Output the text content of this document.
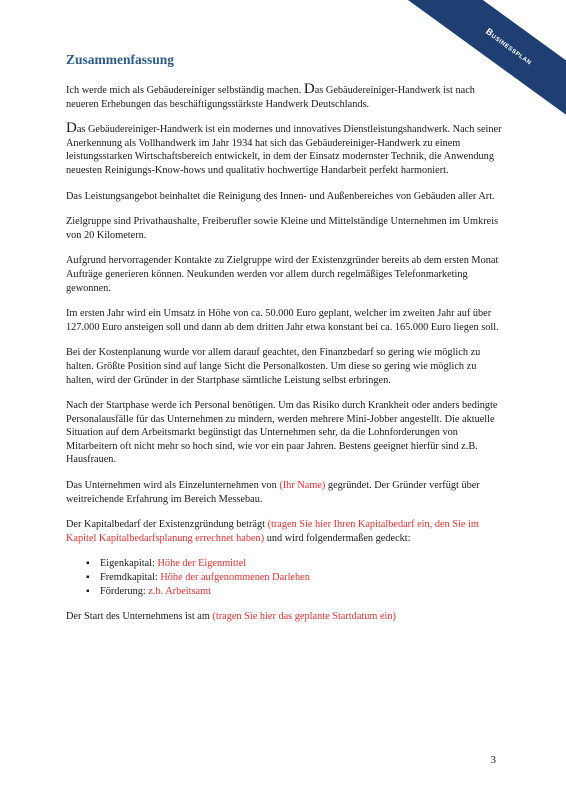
Businessplan
Zusammenfassung

Ich werde mich als Gebäudereiniger selbständig machen. Das Gebäudereiniger-Handwerk ist nach neueren Erhebungen das beschäftigungsstärkste Handwerk Deutschlands.

Das Gebäudereiniger-Handwerk ist ein modernes und innovatives Dienstleistungshandwerk. Nach seiner Anerkennung als Vollhandwerk im Jahr 1934 hat sich das Gebäudereiniger-Handwerk zu einem leistungsstarken Wirtschaftsbereich entwickelt, in dem der Einsatz modernster Technik, die Anwendung neuesten Reinigungs-Know-hows und qualitativ hochwertige Handarbeit perfekt harmoniert.

Das Leistungsangebot beinhaltet die Reinigung des Innen- und Außenbereiches von Gebäuden aller Art.

Zielgruppe sind Privathaushalte, Freiberufler sowie Kleine und Mittelständige Unternehmen im Umkreis von 20 Kilometern.

Aufgrund hervorragender Kontakte zu Zielgruppe wird der Existenzgründer bereits ab dem ersten Monat Aufträge generieren können. Neukunden werden vor allem durch regelmäßiges Telefonmarketing gewonnen.

Im ersten Jahr wird ein Umsatz in Höhe von ca. 50.000 Euro geplant, welcher im zweiten Jahr auf über 127.000 Euro ansteigen soll und dann ab dem dritten Jahr etwa konstant bei ca. 165.000 Euro liegen soll.

Bei der Kostenplanung wurde vor allem darauf geachtet, den Finanzbedarf so gering wie möglich zu halten. Größte Position sind auf lange Sicht die Personalkosten. Um diese so gering wie möglich zu halten, wird der Gründer in der Startphase sämtliche Leistung selbst erbringen.

Nach der Startphase werde ich Personal benötigen. Um das Risiko durch Krankheit oder anders bedingte Personalausfälle für das Unternehmen zu mindern, werden mehrere Mini-Jobber angestellt. Die aktuelle Situation auf dem Arbeitsmarkt begünstigt das Unternehmen sehr, da die Lohnforderungen von Mitarbeitern oft nicht mehr so hoch sind, wie vor ein paar Jahren. Bestens geeignet hierfür sind z.B. Hausfrauen.

Das Unternehmen wird als Einzelunternehmen von (Ihr Name) gegründet. Der Gründer verfügt über weitreichende Erfahrung im Bereich Messebau.

Der Kapitalbedarf der Existenzgründung beträgt (tragen Sie hier Ihren Kapitalbedarf ein, den Sie im Kapitel Kapitalbedarfsplanung errechnet haben) und wird folgendermaßen gedeckt:

▪ Eigenkapital: Höhe der Eigenmittel
▪ Fremdkapital: Höhe der aufgenommenen Darlehen
▪ Förderung: z.b. Arbeitsamt

Der Start des Unternehmens ist am (tragen Sie hier das geplante Startdatum ein)

3
